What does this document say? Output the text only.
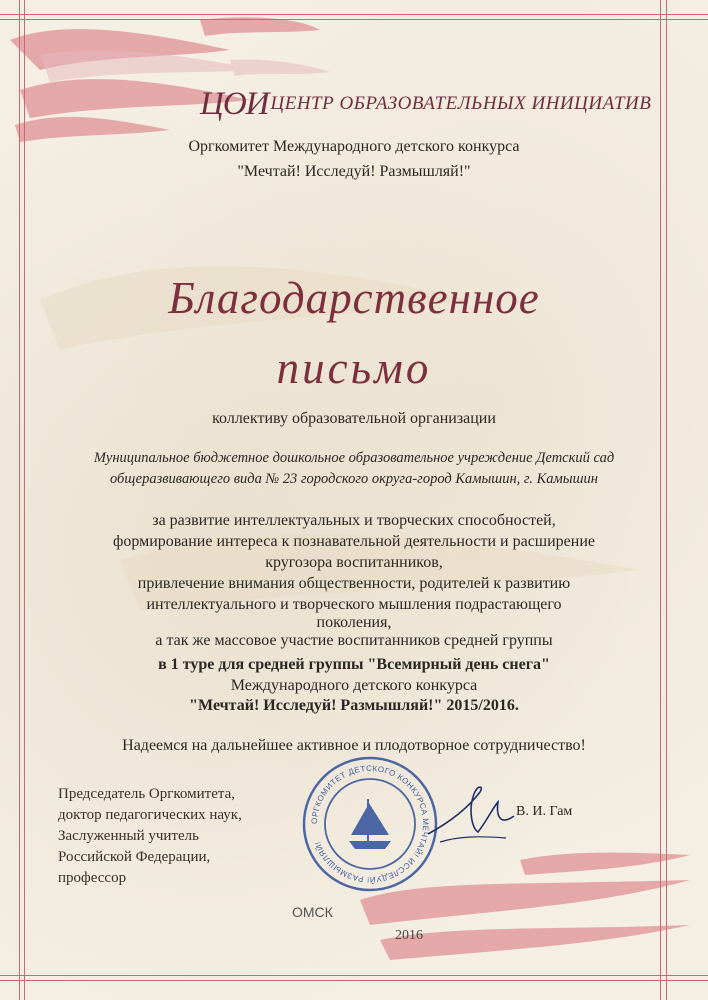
ЦОИ ЦЕНТР ОБРАЗОВАТЕЛЬНЫХ ИНИЦИАТИВ
Оргкомитет Международного детского конкурса
"Мечтай! Исследуй! Размышляй!"
Благодарственное
письмо
коллективу образовательной организации
Муниципальное бюджетное дошкольное образовательное учреждение Детский сад
общеразвивающего вида № 23 городского округа-город Камышин, г. Камышин
за развитие интеллектуальных и творческих способностей,
формирование интереса к познавательной деятельности и расширение
кругозора воспитанников,
привлечение внимания общественности, родителей к развитию
интеллектуального и творческого мышления подрастающего
поколения,
а так же массовое участие воспитанников средней группы
в 1 туре для средней группы "Всемирный день снега"
Международного детского конкурса
"Мечтай! Исследуй! Размышляй!" 2015/2016.
Надеемся на дальнейшее активное и плодотворное сотрудничество!
ОРГКОМИТЕТ ДЕТСКОГО КОНКУРСА МЕЧТАЙ! ИССЛЕДУЙ! РАЗМЫШЛЯЙ!
Председатель Оргкомитета,
доктор педагогических наук,
Заслуженный учитель
Российской Федерации,
профессор
В. И. Гам
ОМСК
2016
